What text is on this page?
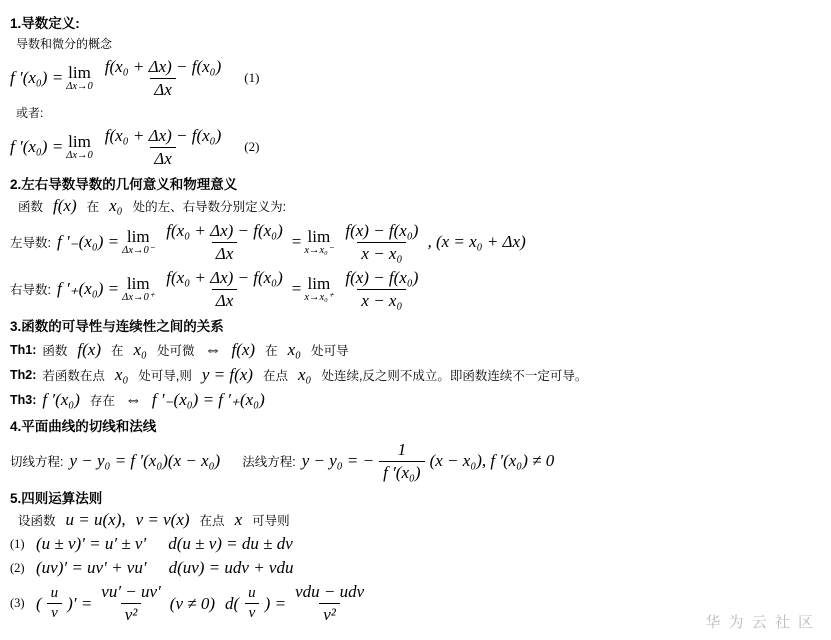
1.导数定义:
导数和微分的概念
f ′(x₀) = lim
$\Delta x\to 0 \frac{\text{f(x₀ + Δx) − f(x₀)}}{\Delta x} (1)$
或者:
f ′(x₀) = lim
$\Delta x\to 0 \frac{\text{f(x₀ + Δx) − f(x₀)}}{\Delta x} (2)$
2.左右导数导数的几何意义和物理意义
函数 f(x) 在 x₀ 处的左、右导数分别定义为:
左导数: f ′₋(x₀) = lim
$\Delta x\to 0^- \frac{\text{f(x₀ + Δx) − f(x₀)}}{\Delta x} = \lim$
$x\to x_0^- \frac{\text{f(x) − f(x₀)}}{\text{x − x₀}}$ , (x = x₀ + Δx)
右导数: f ′₊(x₀) = lim
$\Delta x\to 0^+ \frac{\text{f(x₀ + Δx) − f(x₀)}}{\Delta x} = \lim$
$x\to x_0^+ \frac{\text{f(x) − f(x₀)}}{\text{x − x₀}}$
3.函数的可导性与连续性之间的关系
Th1: 函数 f(x) 在 x₀ 处可微 ⇔ f(x) 在 x₀ 处可导
Th2: 若函数在点 x₀ 处可导,则 y = f(x) 在点 x₀ 处连续,反之则不成立。即函数连续不一定可导。
Th3: f ′(x₀) 存在 ⇔ f ′₋(x₀) = f ′₊(x₀)
4.平面曲线的切线和法线
切线方程: y − y₀ = f ′(x₀)(x − x₀) 法线方程: y − y₀ = − $\frac{1}{\text{f ′(x₀)}} (x - x_0)$, f ′(x₀) ≠ 0
5.四则运算法则
设函数 u = u(x), v = v(x) 在点 x 可导则
(1) (u ± v)′ = u′ ± v′ d(u ± v) = du ± dv
(2) (uv)′ = uv′ + vu′ d(uv) = udv + vdu
(3) ( $\frac{u}{v}$ ) ′ = $\frac{vu' - uv'}{\text{v²}} (v \ne 0)$ $d( \frac{u}{v}$ ) = $\frac{\text{vdu − udv}}{\text{v²}}$	华 为 云 社 区
